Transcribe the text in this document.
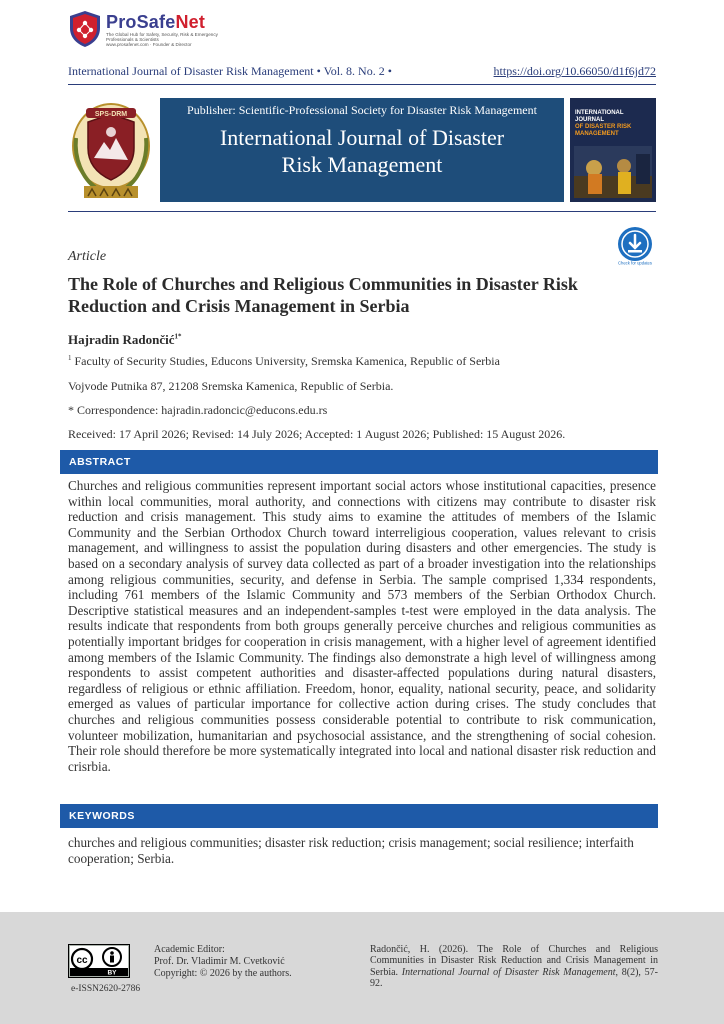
ProSafeNet
The Global Hub for Safety, Security, Risk & Emergency Professionals & Scientists
www.prosafenet.com · Founder & Director
International Journal of Disaster Risk Management • Vol. 8. No. 2 •	https://doi.org/10.66050/d1f6jd72
SPS-DRM	Publisher: Scientific-Professional Society for Disaster Risk Management
International Journal of Disaster
Risk Management
INTERNATIONAL JOURNAL
OF DISASTER RISK
MANAGEMENT
Article	Check for updates
The Role of Churches and Religious Communities in Disaster Risk Reduction and Crisis Management in Serbia
Hajradin Radončić$^{1*}$
$^1$ Faculty of Security Studies, Educons University, Sremska Kamenica, Republic of Serbia
Vojvode Putnika 87, 21208 Sremska Kamenica, Republic of Serbia.
* Correspondence: hajradin.radoncic@educons.edu.rs
Received: 17 April 2026; Revised: 14 July 2026; Accepted: 1 August 2026; Published: 15 August 2026.
ABSTRACT
Churches and religious communities represent important social actors whose institutional capacities, presence within local communities, moral authority, and connections with citizens may contribute to disaster risk reduction and crisis management. This study aims to examine the attitudes of members of the Islamic Community and the Serbian Orthodox Church toward interreligious cooperation, values relevant to crisis management, and willingness to assist the population during disasters and other emergencies. The study is based on a secondary analysis of survey data collected as part of a broader investigation into the relationships among religious communities, security, and defense in Serbia. The sample comprised 1,334 respondents, including 761 members of the Islamic Community and 573 members of the Serbian Orthodox Church. Descriptive statistical measures and an independent-samples t-test were employed in the data analysis. The results indicate that respondents from both groups generally perceive churches and religious communities as potentially important bridges for cooperation in crisis management, with a higher level of agreement identified among members of the Islamic Community. The findings also demonstrate a high level of willingness among respondents to assist competent authorities and disaster-affected populations during natural disasters, regardless of religious or ethnic affiliation. Freedom, honor, equality, national security, peace, and solidarity emerged as values of particular importance for collective action during crises. The study concludes that churches and religious communities possess considerable potential to contribute to risk communication, volunteer mobilization, humanitarian and psychosocial assistance, and the strengthening of social cohesion. Their role should therefore be more systematically integrated into local and national disaster risk reduction and crisrbia.
KEYWORDS
churches and religious communities; disaster risk reduction; crisis management; social resilience; interfaith cooperation; Serbia.
cc
BY
e-ISSN2620-2786
Academic Editor:
Prof. Dr. Vladimir M. Cvetković
Copyright: © 2026 by the authors.
Radončić, H. (2026). The Role of Churches and Religious Communities in Disaster Risk Reduction and Crisis Management in Serbia. International Journal of Disaster Risk Management, 8(2), 57-92.
